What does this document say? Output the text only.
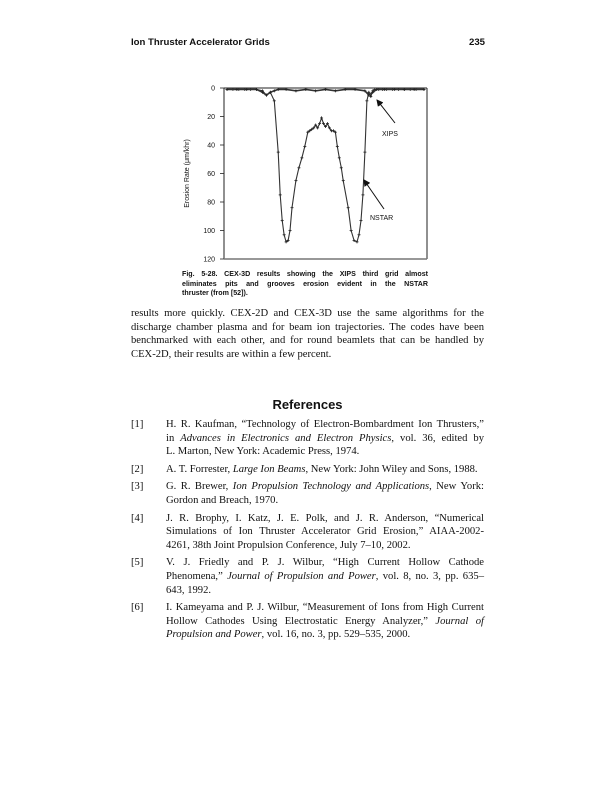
Ion Thruster Accelerator Grids	235
0
20
40
60
80
100
120
Erosion Rate (μm/khr)
XIPS
NSTAR
Fig. 5-28. CEX-3D results showing the XIPS third grid almost
eliminates pits and grooves erosion evident in the NSTAR
thruster (from [52]).
results more quickly. CEX-2D and CEX-3D use the same algorithms for the
discharge chamber plasma and for beam ion trajectories. The codes have been
benchmarked with each other, and for round beamlets that can be handled by
CEX-2D, their results are within a few percent.
References
[1] H. R. Kaufman, “Technology of Electron-Bombardment Ion Thrusters,”
in Advances in Electronics and Electron Physics, vol. 36, edited by
L. Marton, New York: Academic Press, 1974.
[2] A. T. Forrester, Large Ion Beams, New York: John Wiley and Sons, 1988.
[3] G. R. Brewer, Ion Propulsion Technology and Applications, New York:
Gordon and Breach, 1970.
[4] J. R. Brophy, I. Katz, J. E. Polk, and J. R. Anderson, “Numerical
Simulations of Ion Thruster Accelerator Grid Erosion,” AIAA-2002-
4261, 38th Joint Propulsion Conference, July 7–10, 2002.
[5] V. J. Friedly and P. J. Wilbur, “High Current Hollow Cathode
Phenomena,” Journal of Propulsion and Power, vol. 8, no. 3, pp. 635–
643, 1992.
[6] I. Kameyama and P. J. Wilbur, “Measurement of Ions from High Current
Hollow Cathodes Using Electrostatic Energy Analyzer,” Journal of
Propulsion and Power, vol. 16, no. 3, pp. 529–535, 2000.
